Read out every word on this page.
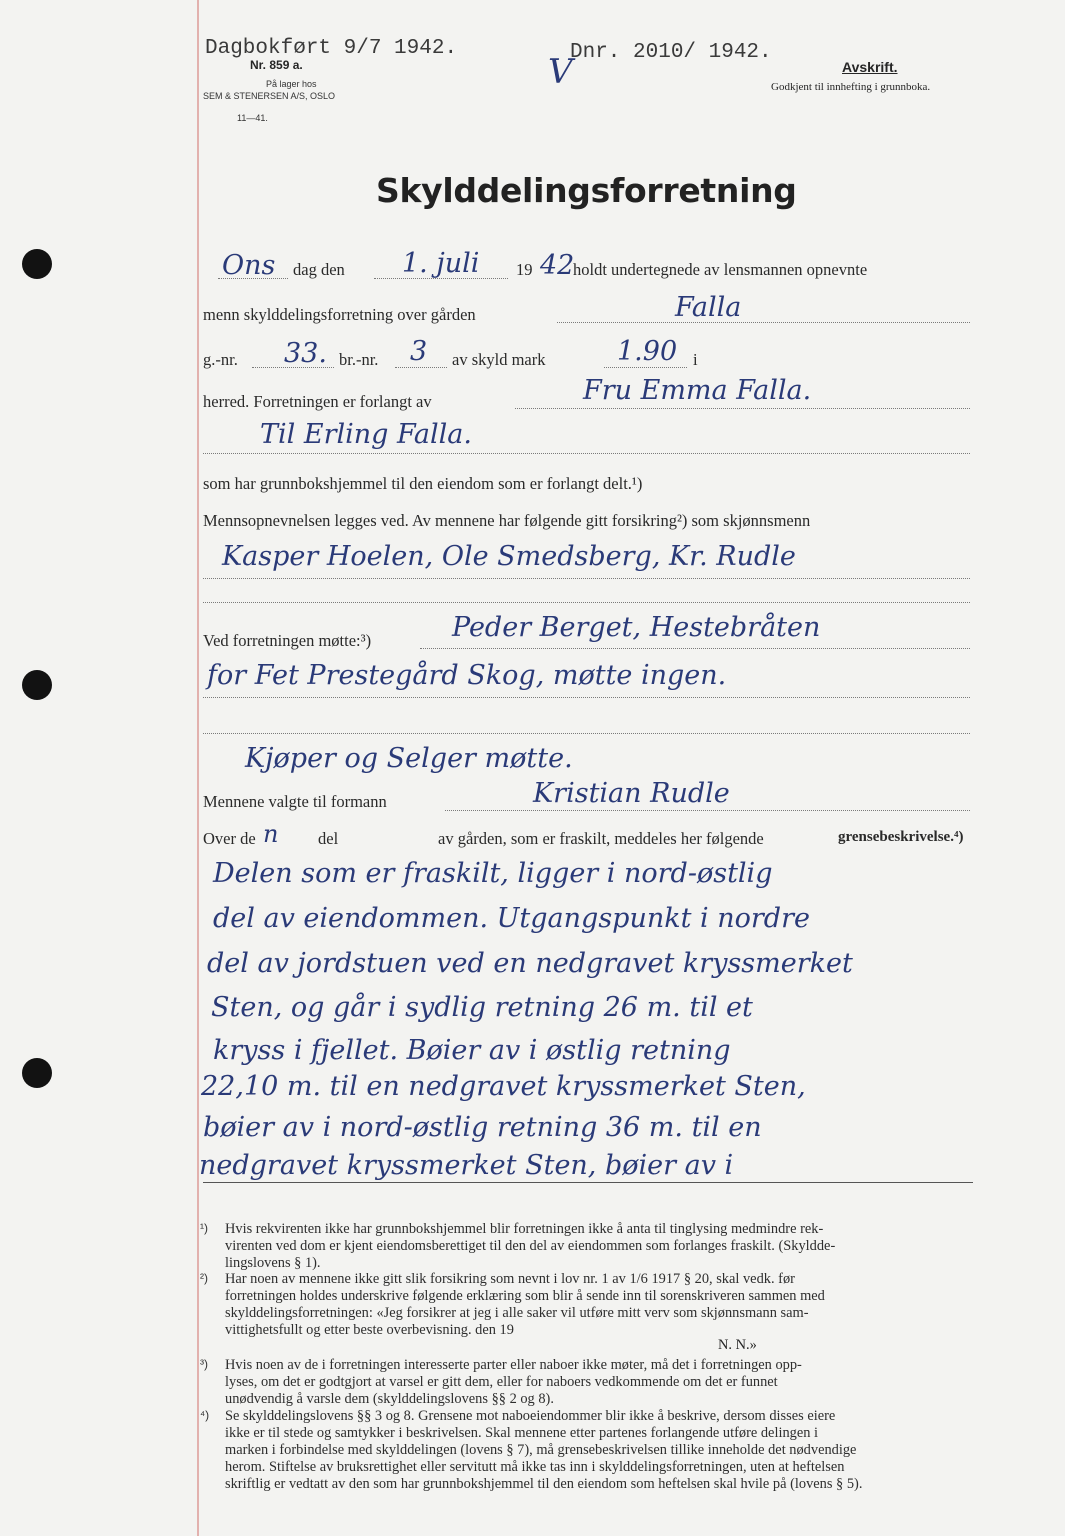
Dagbokført 9/7 1942.	Dnr. 2010/ 1942.
V
Nr. 859 a.
På lager hos
SEM & STENERSEN A/S, OSLO
11—41.
Avskrift.
Godkjent til innhefting i grunnboka.
Skylddelingsforretning
Ons dag den 1. juli 19 42
holdt undertegnede av lensmannen opnevnte
menn skylddelingsforretning over gården	Falla
g.-nr. 33. br.-nr. 3 av skyld mark	1.90 i
herred. Forretningen er forlangt av	Fru Emma Falla.
Til Erling Falla.
som har grunnbokshjemmel til den eiendom som er forlangt delt.¹)
Mennsopnevnelsen legges ved. Av mennene har følgende gitt forsikring²) som skjønnsmenn
Kasper Hoelen, Ole Smedsberg, Kr. Rudle
Ved forretningen møtte:³)	Peder Berget, Hestebråten
for Fet Prestegård Skog, møtte ingen.
Kjøper og Selger møtte.
Mennene valgte til formann	Kristian Rudle
Over de n del	av gården, som er fraskilt, meddeles her følgende	grensebeskrivelse.⁴)
Delen som er fraskilt, ligger i nord-østlig
del av eiendommen. Utgangspunkt i nordre
del av jordstuen ved en nedgravet kryssmerket
Sten, og går i sydlig retning 26 m. til et
kryss i fjellet. Bøier av i østlig retning
22,10 m. til en nedgravet kryssmerket Sten,
bøier av i nord-østlig retning 36 m. til en
nedgravet kryssmerket Sten, bøier av i
¹) Hvis rekvirenten ikke har grunnbokshjemmel blir forretningen ikke å anta til tinglysing medmindre rek-
virenten ved dom er kjent eiendomsberettiget til den del av eiendommen som forlanges fraskilt. (Skyldde-
lingslovens § 1).
²) Har noen av mennene ikke gitt slik forsikring som nevnt i lov nr. 1 av 1/6 1917 § 20, skal vedk. før
forretningen holdes underskrive følgende erklæring som blir å sende inn til sorenskriveren sammen med
skylddelingsforretningen: «Jeg forsikrer at jeg i alle saker vil utføre mitt verv som skjønnsmann sam-
vittighetsfullt og etter beste overbevisning. den 19
N. N.»
³) Hvis noen av de i forretningen interesserte parter eller naboer ikke møter, må det i forretningen opp-
lyses, om det er godtgjort at varsel er gitt dem, eller for naboers vedkommende om det er funnet
unødvendig å varsle dem (skylddelingslovens §§ 2 og 8).
⁴) Se skylddelingslovens §§ 3 og 8. Grensene mot naboeiendommer blir ikke å beskrive, dersom disses eiere
ikke er til stede og samtykker i beskrivelsen. Skal mennene etter partenes forlangende utføre delingen i
marken i forbindelse med skylddelingen (lovens § 7), må grensebeskrivelsen tillike inneholde det nødvendige
herom. Stiftelse av bruksrettighet eller servitutt må ikke tas inn i skylddelingsforretningen, uten at heftelsen
skriftlig er vedtatt av den som har grunnbokshjemmel til den eiendom som heftelsen skal hvile på (lovens § 5).
